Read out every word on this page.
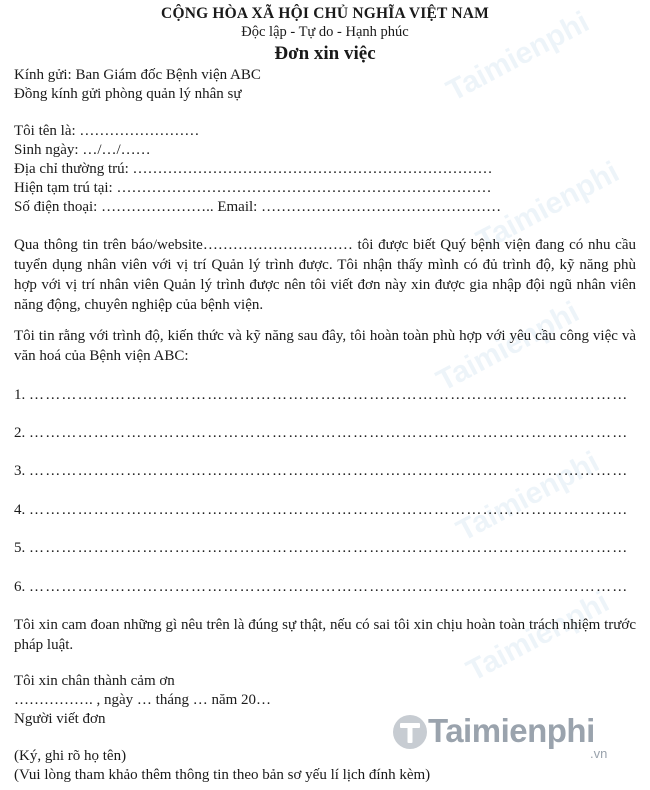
Taimienphi
Taimienphi
Taimienphi
Taimienphi
Taimienphi
CỘNG HÒA XÃ HỘI CHỦ NGHĨA VIỆT NAM
Độc lập - Tự do - Hạnh phúc
Đơn xin việc
Kính gửi: Ban Giám đốc Bệnh viện ABC
Đồng kính gửi phòng quản lý nhân sự
Tôi tên là: ……………………
Sinh ngày: …/…/……
Địa chỉ thường trú: ………………………………………………………………
Hiện tạm trú tại: …………………………………………………………………
Số điện thoại: ………………….. Email: …………………………………………
Qua thông tin trên báo/website………………………… tôi được biết Quý bệnh viện đang có nhu cầu tuyển dụng nhân viên với vị trí Quản lý trình được. Tôi nhận thấy mình có đủ trình độ, kỹ năng phù hợp với vị trí nhân viên Quản lý trình được nên tôi viết đơn này xin được gia nhập đội ngũ nhân viên năng động, chuyên nghiệp của bệnh viện.
Tôi tin rằng với trình độ, kiến thức và kỹ năng sau đây, tôi hoàn toàn phù hợp với yêu cầu công việc và văn hoá của Bệnh viện ABC:
1. …………………………………………………………………………………………………
2. …………………………………………………………………………………………………
3. …………………………………………………………………………………………………
4. …………………………………………………………………………………………………
5. …………………………………………………………………………………………………
6. …………………………………………………………………………………………………
Tôi xin cam đoan những gì nêu trên là đúng sự thật, nếu có sai tôi xin chịu hoàn toàn trách nhiệm trước pháp luật.
Tôi xin chân thành cảm ơn
……………. , ngày … tháng … năm 20…
Người viết đơn
(Ký, ghi rõ họ tên)
(Vui lòng tham khảo thêm thông tin theo bản sơ yếu lí lịch đính kèm)
Taimienphi
.vn
